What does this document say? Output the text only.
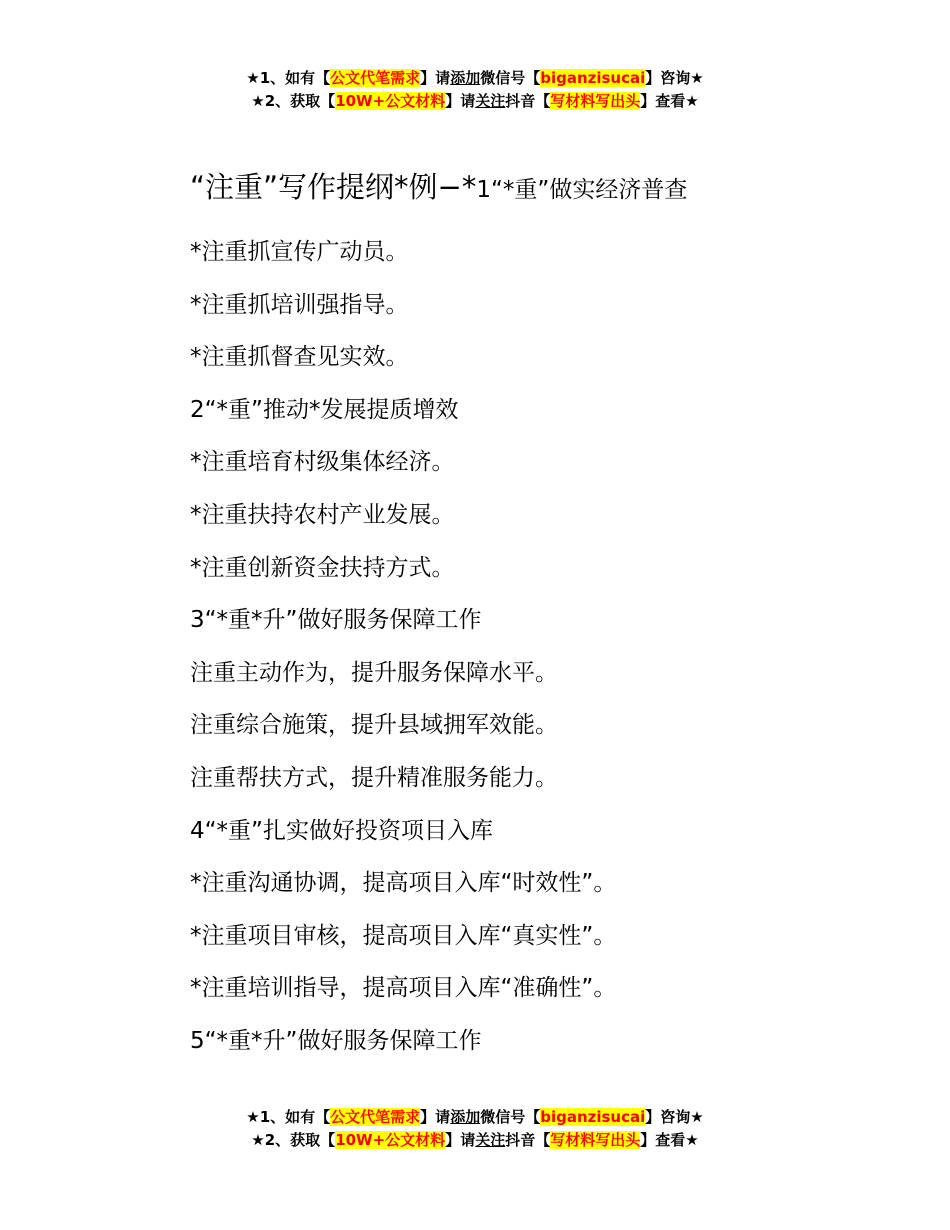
★1、如有【公文代笔需求】请添加微信号【biganzisucai】咨询★
★2、获取【10W+公文材料】请关注抖音【写材料写出头】查看★
“注重”写作提纲*例−*1“*重”做实经济普查
*注重抓宣传广动员。
*注重抓培训强指导。
*注重抓督查见实效。
2“*重”推动*发展提质增效
*注重培育村级集体经济。
*注重扶持农村产业发展。
*注重创新资金扶持方式。
3“*重*升”做好服务保障工作
注重主动作为，提升服务保障水平。
注重综合施策，提升县域拥军效能。
注重帮扶方式，提升精准服务能力。
4“*重”扎实做好投资项目入库
*注重沟通协调，提高项目入库“时效性”。
*注重项目审核，提高项目入库“真实性”。
*注重培训指导，提高项目入库“准确性”。
5“*重*升”做好服务保障工作
★1、如有【公文代笔需求】请添加微信号【biganzisucai】咨询★
★2、获取【10W+公文材料】请关注抖音【写材料写出头】查看★
